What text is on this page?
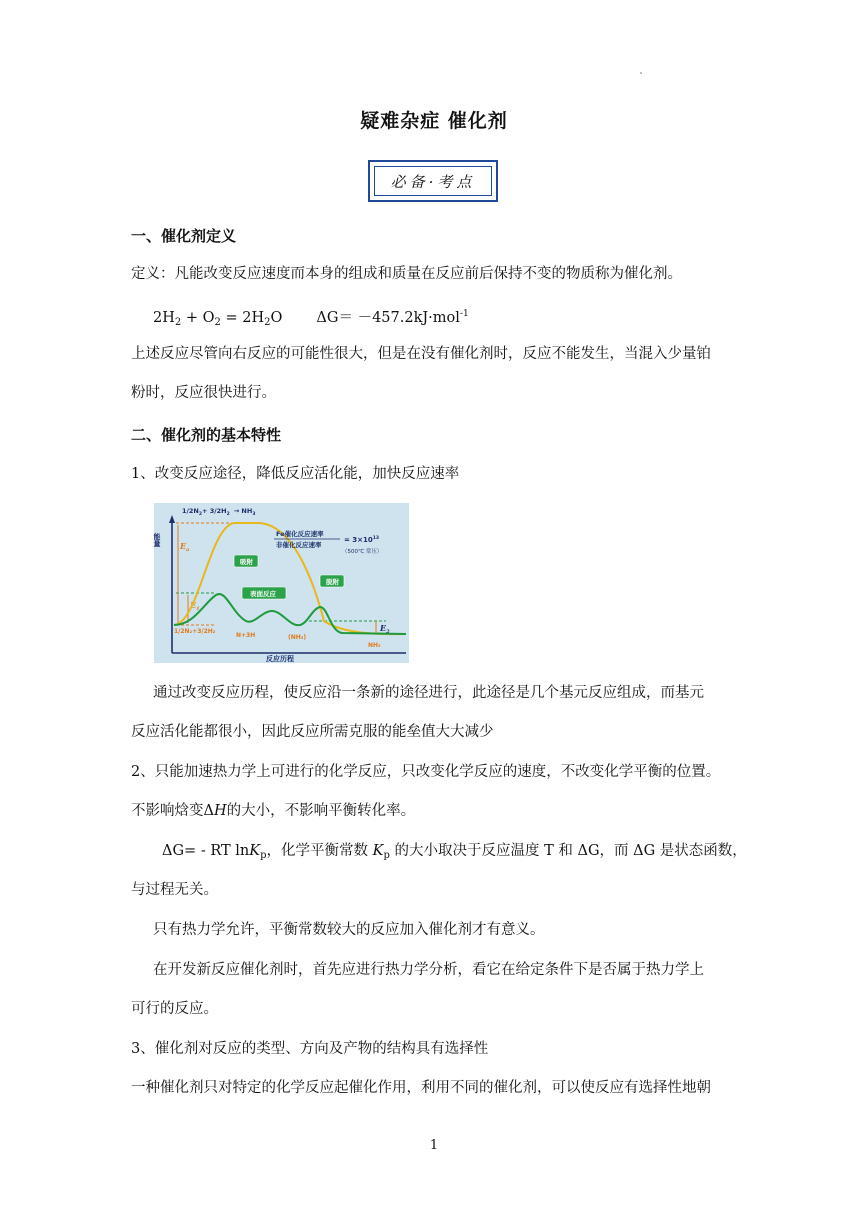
疑难杂症 催化剂
必备·考点
一、催化剂定义
定义：凡能改变反应速度而本身的组成和质量在反应前后保持不变的物质称为催化剂。
$2H_2 + O_2 = 2H_2O$ ΔG＝ －457.2kJ·mol$^{-1}$
上述反应尽管向右反应的可能性很大，但是在没有催化剂时，反应不能发生，当混入少量铂
粉时，反应很快进行。
二、催化剂的基本特性
1、改变反应途径，降低反应活化能，加快反应速率
$1/2N_2+ 3/2H_2 \to NH_3$
能量 $E_a$
$E_1$
$E_2$
Fe催化反应速率
非催化反应速率
= $3\times 10^{13}$
（500℃ 常压）
吸附
表面反应
脱附
1/2N₂+3/2H₂
N+3H	(NH₃)
NH₃
反应历程
通过改变反应历程，使反应沿一条新的途径进行，此途径是几个基元反应组成，而基元
反应活化能都很小，因此反应所需克服的能垒值大大减少
2、只能加速热力学上可进行的化学反应，只改变化学反应的速度，不改变化学平衡的位置。
不影响焓变ΔH的大小，不影响平衡转化率。
ΔG= - RT lnK$_p$，化学平衡常数 $K_p$ 的大小取决于反应温度 T 和 ΔG，而 ΔG 是状态函数，
与过程无关。
只有热力学允许，平衡常数较大的反应加入催化剂才有意义。
在开发新反应催化剂时，首先应进行热力学分析，看它在给定条件下是否属于热力学上
可行的反应。
3、催化剂对反应的类型、方向及产物的结构具有选择性
一种催化剂只对特定的化学反应起催化作用，利用不同的催化剂，可以使反应有选择性地朝
1
